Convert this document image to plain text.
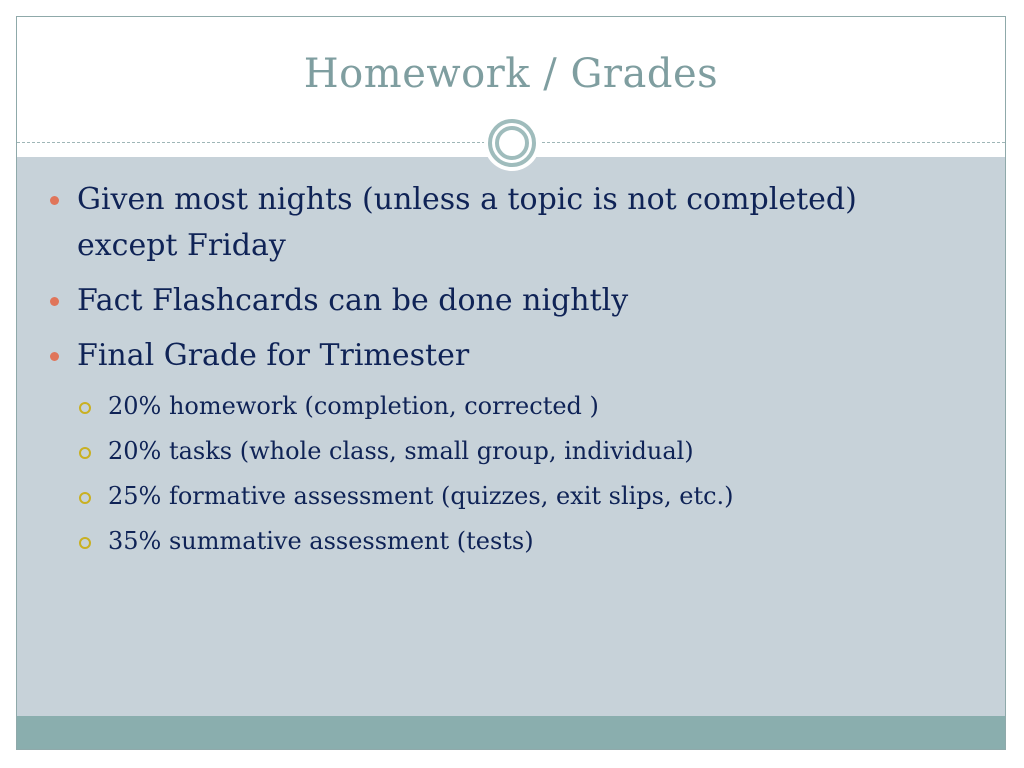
Homework / Grades
Given most nights (unless a topic is not completed) except Friday
Fact Flashcards can be done nightly
Final Grade for Trimester
20% homework (completion, corrected )
20% tasks (whole class, small group, individual)
25% formative assessment (quizzes, exit slips, etc.)
35% summative assessment (tests)
